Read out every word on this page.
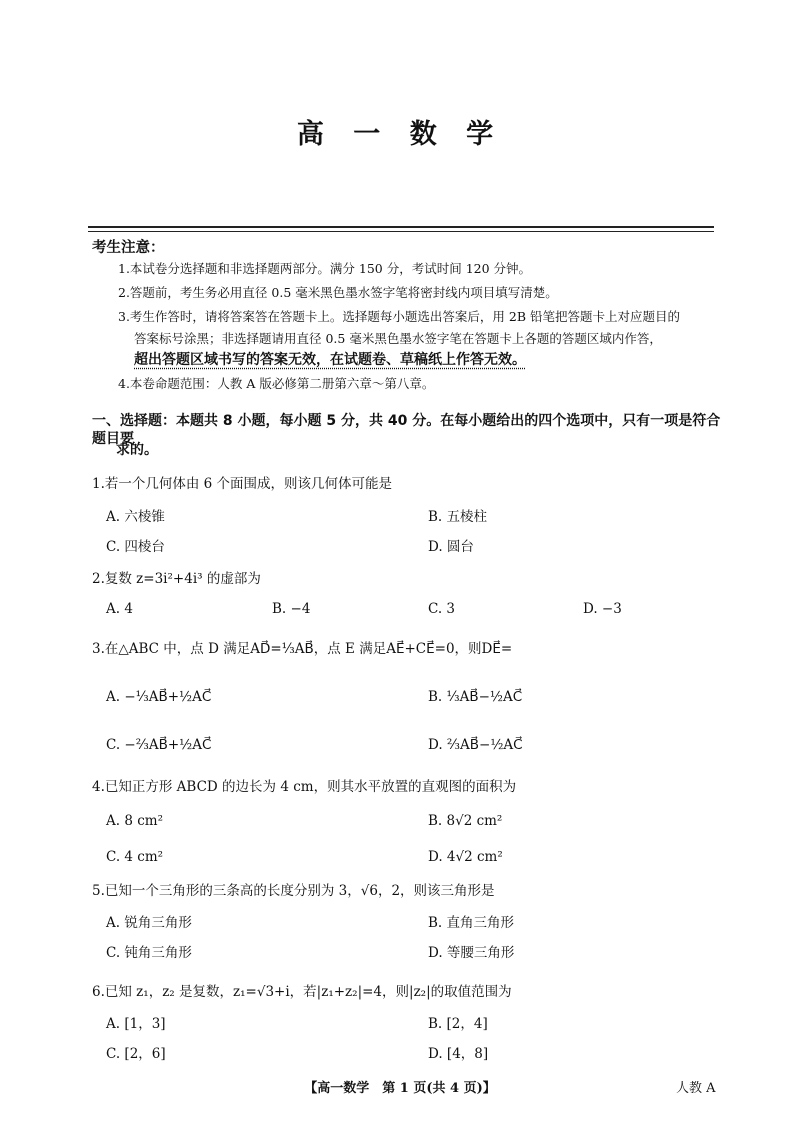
高 一 数 学
考生注意：
1.本试卷分选择题和非选择题两部分。满分 150 分，考试时间 120 分钟。
2.答题前，考生务必用直径 0.5 毫米黑色墨水签字笔将密封线内项目填写清楚。
3.考生作答时，请将答案答在答题卡上。选择题每小题选出答案后，用 2B 铅笔把答题卡上对应题目的
答案标号涂黑；非选择题请用直径 0.5 毫米黑色墨水签字笔在答题卡上各题的答题区域内作答，
超出答题区域书写的答案无效，在试题卷、草稿纸上作答无效。
4.本卷命题范围：人教 A 版必修第二册第六章～第八章。
一、选择题：本题共 8 小题，每小题 5 分，共 40 分。在每小题给出的四个选项中，只有一项是符合题目要
求的。
1.若一个几何体由 6 个面围成，则该几何体可能是
A. 六棱锥	B. 五棱柱
C. 四棱台	D. 圆台
2.复数 z=3i²+4i³ 的虚部为
A. 4	B. −4	C. 3	D. −3
3.在△ABC 中，点 D 满足AD⃗=⅓AB⃗，点 E 满足AE⃗+CE⃗=0，则DE⃗=
A. −⅓AB⃗+½AC⃗	B. ⅓AB⃗−½AC⃗
C. −⅔AB⃗+½AC⃗	D. ⅔AB⃗−½AC⃗
4.已知正方形 ABCD 的边长为 4 cm，则其水平放置的直观图的面积为
A. 8 cm²	B. 8√2 cm²
C. 4 cm²	D. 4√2 cm²
5.已知一个三角形的三条高的长度分别为 3，√6，2，则该三角形是
A. 锐角三角形	B. 直角三角形
C. 钝角三角形	D. 等腰三角形
6.已知 z₁，z₂ 是复数，z₁=√3+i，若|z₁+z₂|=4，则|z₂|的取值范围为
A. [1，3]	B. [2，4]
C. [2，6]	D. [4，8]
【高一数学　第 1 页(共 4 页)】	人教 A
